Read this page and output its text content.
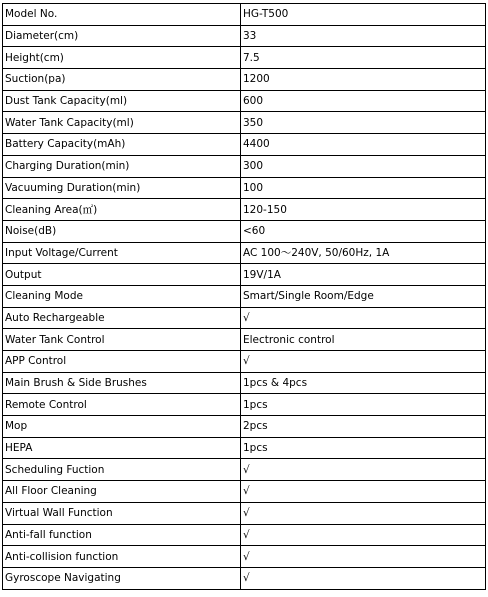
Model No.	HG-T500
Diameter(cm)	33
Height(cm)	7.5
Suction(pa)	1200
Dust Tank Capacity(ml)	600
Water Tank Capacity(ml)	350
Battery Capacity(mAh)	4400
Charging Duration(min)	300
Vacuuming Duration(min)	100
Cleaning Area(㎡)	120-150
Noise(dB)	<60
Input Voltage/Current	AC 100～240V, 50/60Hz, 1A
Output	19V/1A
Cleaning Mode	Smart/Single Room/Edge
Auto Rechargeable	√
Water Tank Control	Electronic control
APP Control	√
Main Brush & Side Brushes	1pcs & 4pcs
Remote Control	1pcs
Mop	2pcs
HEPA	1pcs
Scheduling Fuction	√
All Floor Cleaning	√
Virtual Wall Function	√
Anti-fall function	√
Anti-collision function	√
Gyroscope Navigating	√
